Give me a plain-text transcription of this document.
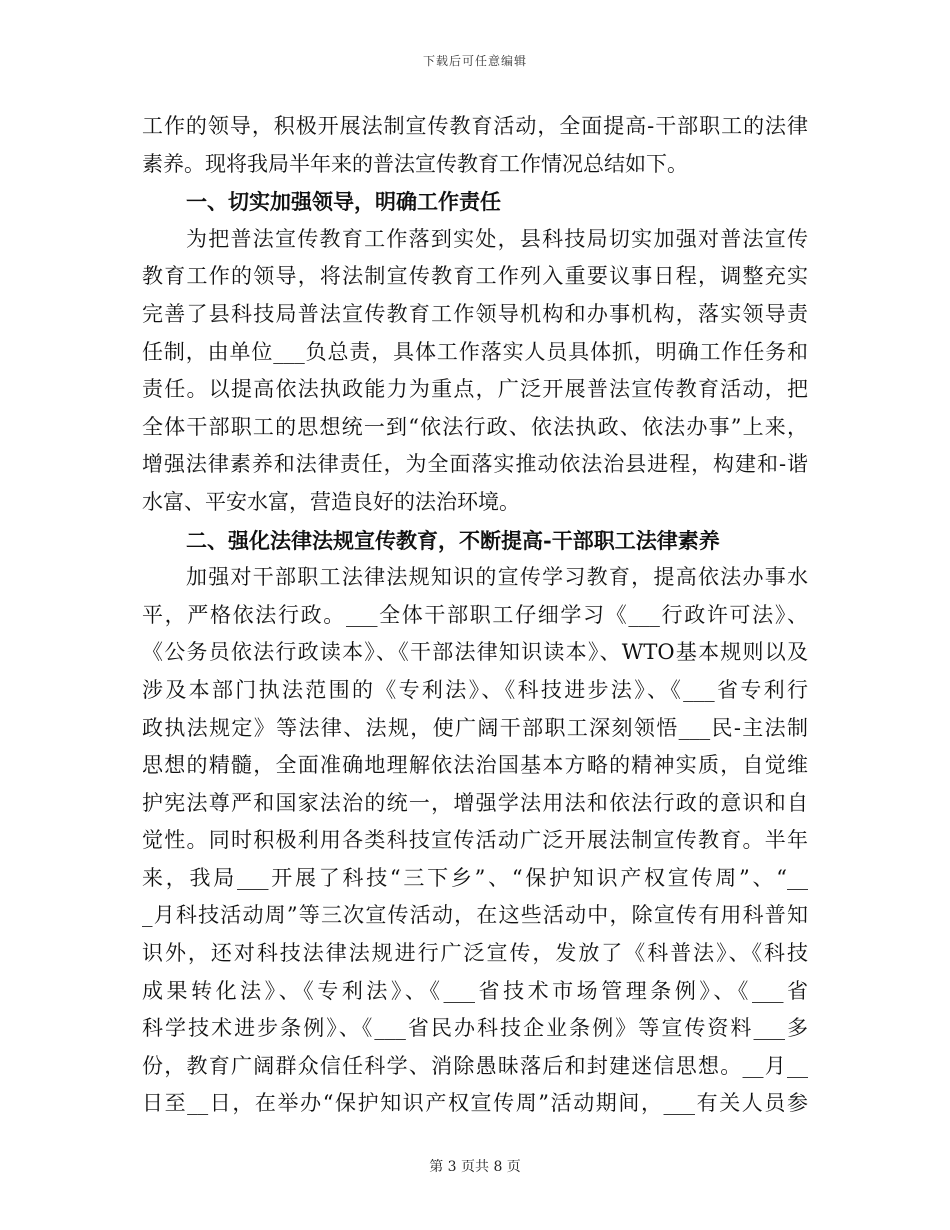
下载后可任意编辑
工作的领导，积极开展法制宣传教育活动，全面提高-干部职工的法律
素养。现将我局半年来的普法宣传教育工作情况总结如下。
一、切实加强领导，明确工作责任
为把普法宣传教育工作落到实处，县科技局切实加强对普法宣传
教育工作的领导，将法制宣传教育工作列入重要议事日程，调整充实
完善了县科技局普法宣传教育工作领导机构和办事机构，落实领导责
任制，由单位___负总责，具体工作落实人员具体抓，明确工作任务和
责任。以提高依法执政能力为重点，广泛开展普法宣传教育活动，把
全体干部职工的思想统一到“依法行政、依法执政、依法办事”上来，
增强法律素养和法律责任，为全面落实推动依法治县进程，构建和-谐
水富、平安水富，营造良好的法治环境。
二、强化法律法规宣传教育，不断提高-干部职工法律素养
加强对干部职工法律法规知识的宣传学习教育，提高依法办事水
平，严格依法行政。___全体干部职工仔细学习《___行政许可法》、
《公务员依法行政读本》、《干部法律知识读本》、WTO基本规则以及
涉及本部门执法范围的《专利法》、《科技进步法》、《___省专利行
政执法规定》等法律、法规，使广阔干部职工深刻领悟___民-主法制
思想的精髓，全面准确地理解依法治国基本方略的精神实质，自觉维
护宪法尊严和国家法治的统一，增强学法用法和依法行政的意识和自
觉性。同时积极利用各类科技宣传活动广泛开展法制宣传教育。半年
来，我局___开展了科技“三下乡”、“保护知识产权宣传周”、“__
_月科技活动周”等三次宣传活动，在这些活动中，除宣传有用科普知
识外，还对科技法律法规进行广泛宣传，发放了《科普法》、《科技
成果转化法》、《专利法》、《___省技术市场管理条例》、《___省
科学技术进步条例》、《___省民办科技企业条例》等宣传资料___多
份，教育广阔群众信任科学、消除愚昧落后和封建迷信思想。__月__
日至__日，在举办“保护知识产权宣传周”活动期间，___有关人员参
第 3 页共 8 页
